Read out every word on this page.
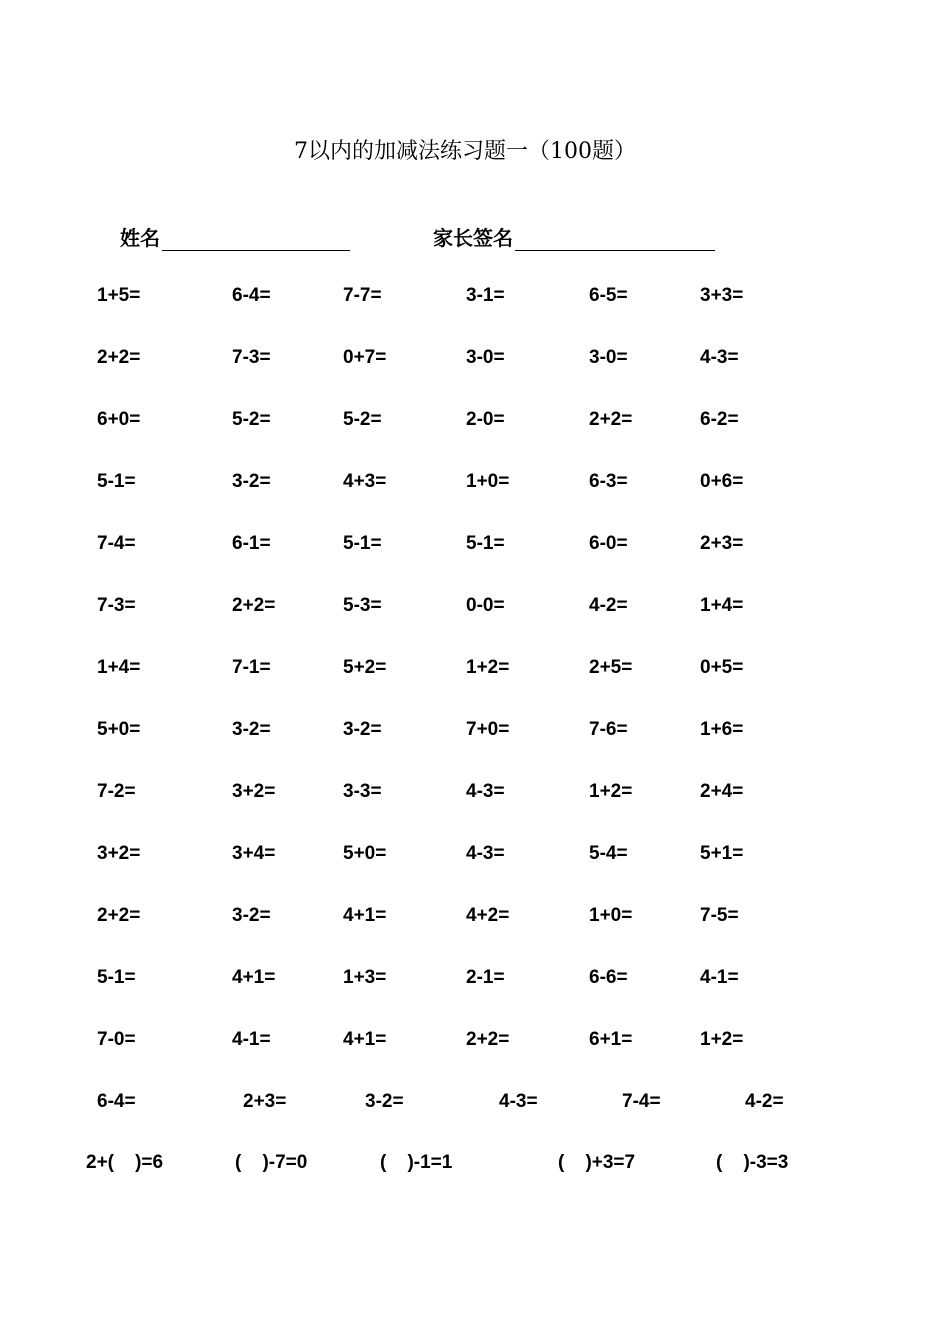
7以内的加减法练习题一（100题）
姓名	家长签名
1+5=	6-4=	7-7=	3-1=	6-5=	3+3=
2+2=	7-3=	0+7=	3-0=	3-0=	4-3=
6+0=	5-2=	5-2=	2-0=	2+2=	6-2=
5-1=	3-2=	4+3=	1+0=	6-3=	0+6=
7-4=	6-1=	5-1=	5-1=	6-0=	2+3=
7-3=	2+2=	5-3=	0-0=	4-2=	1+4=
1+4=	7-1=	5+2=	1+2=	2+5=	0+5=
5+0=	3-2=	3-2=	7+0=	7-6=	1+6=
7-2=	3+2=	3-3=	4-3=	1+2=	2+4=
3+2=	3+4=	5+0=	4-3=	5-4=	5+1=
2+2=	3-2=	4+1=	4+2=	1+0=	7-5=
5-1=	4+1=	1+3=	2-1=	6-6=	4-1=
7-0=	4-1=	4+1=	2+2=	6+1=	1+2=
6-4=	2+3=	3-2=	4-3=	7-4=	4-2=
2+(    )=6	(    )-7=0	(    )-1=1	(    )+3=7	(    )-3=3
